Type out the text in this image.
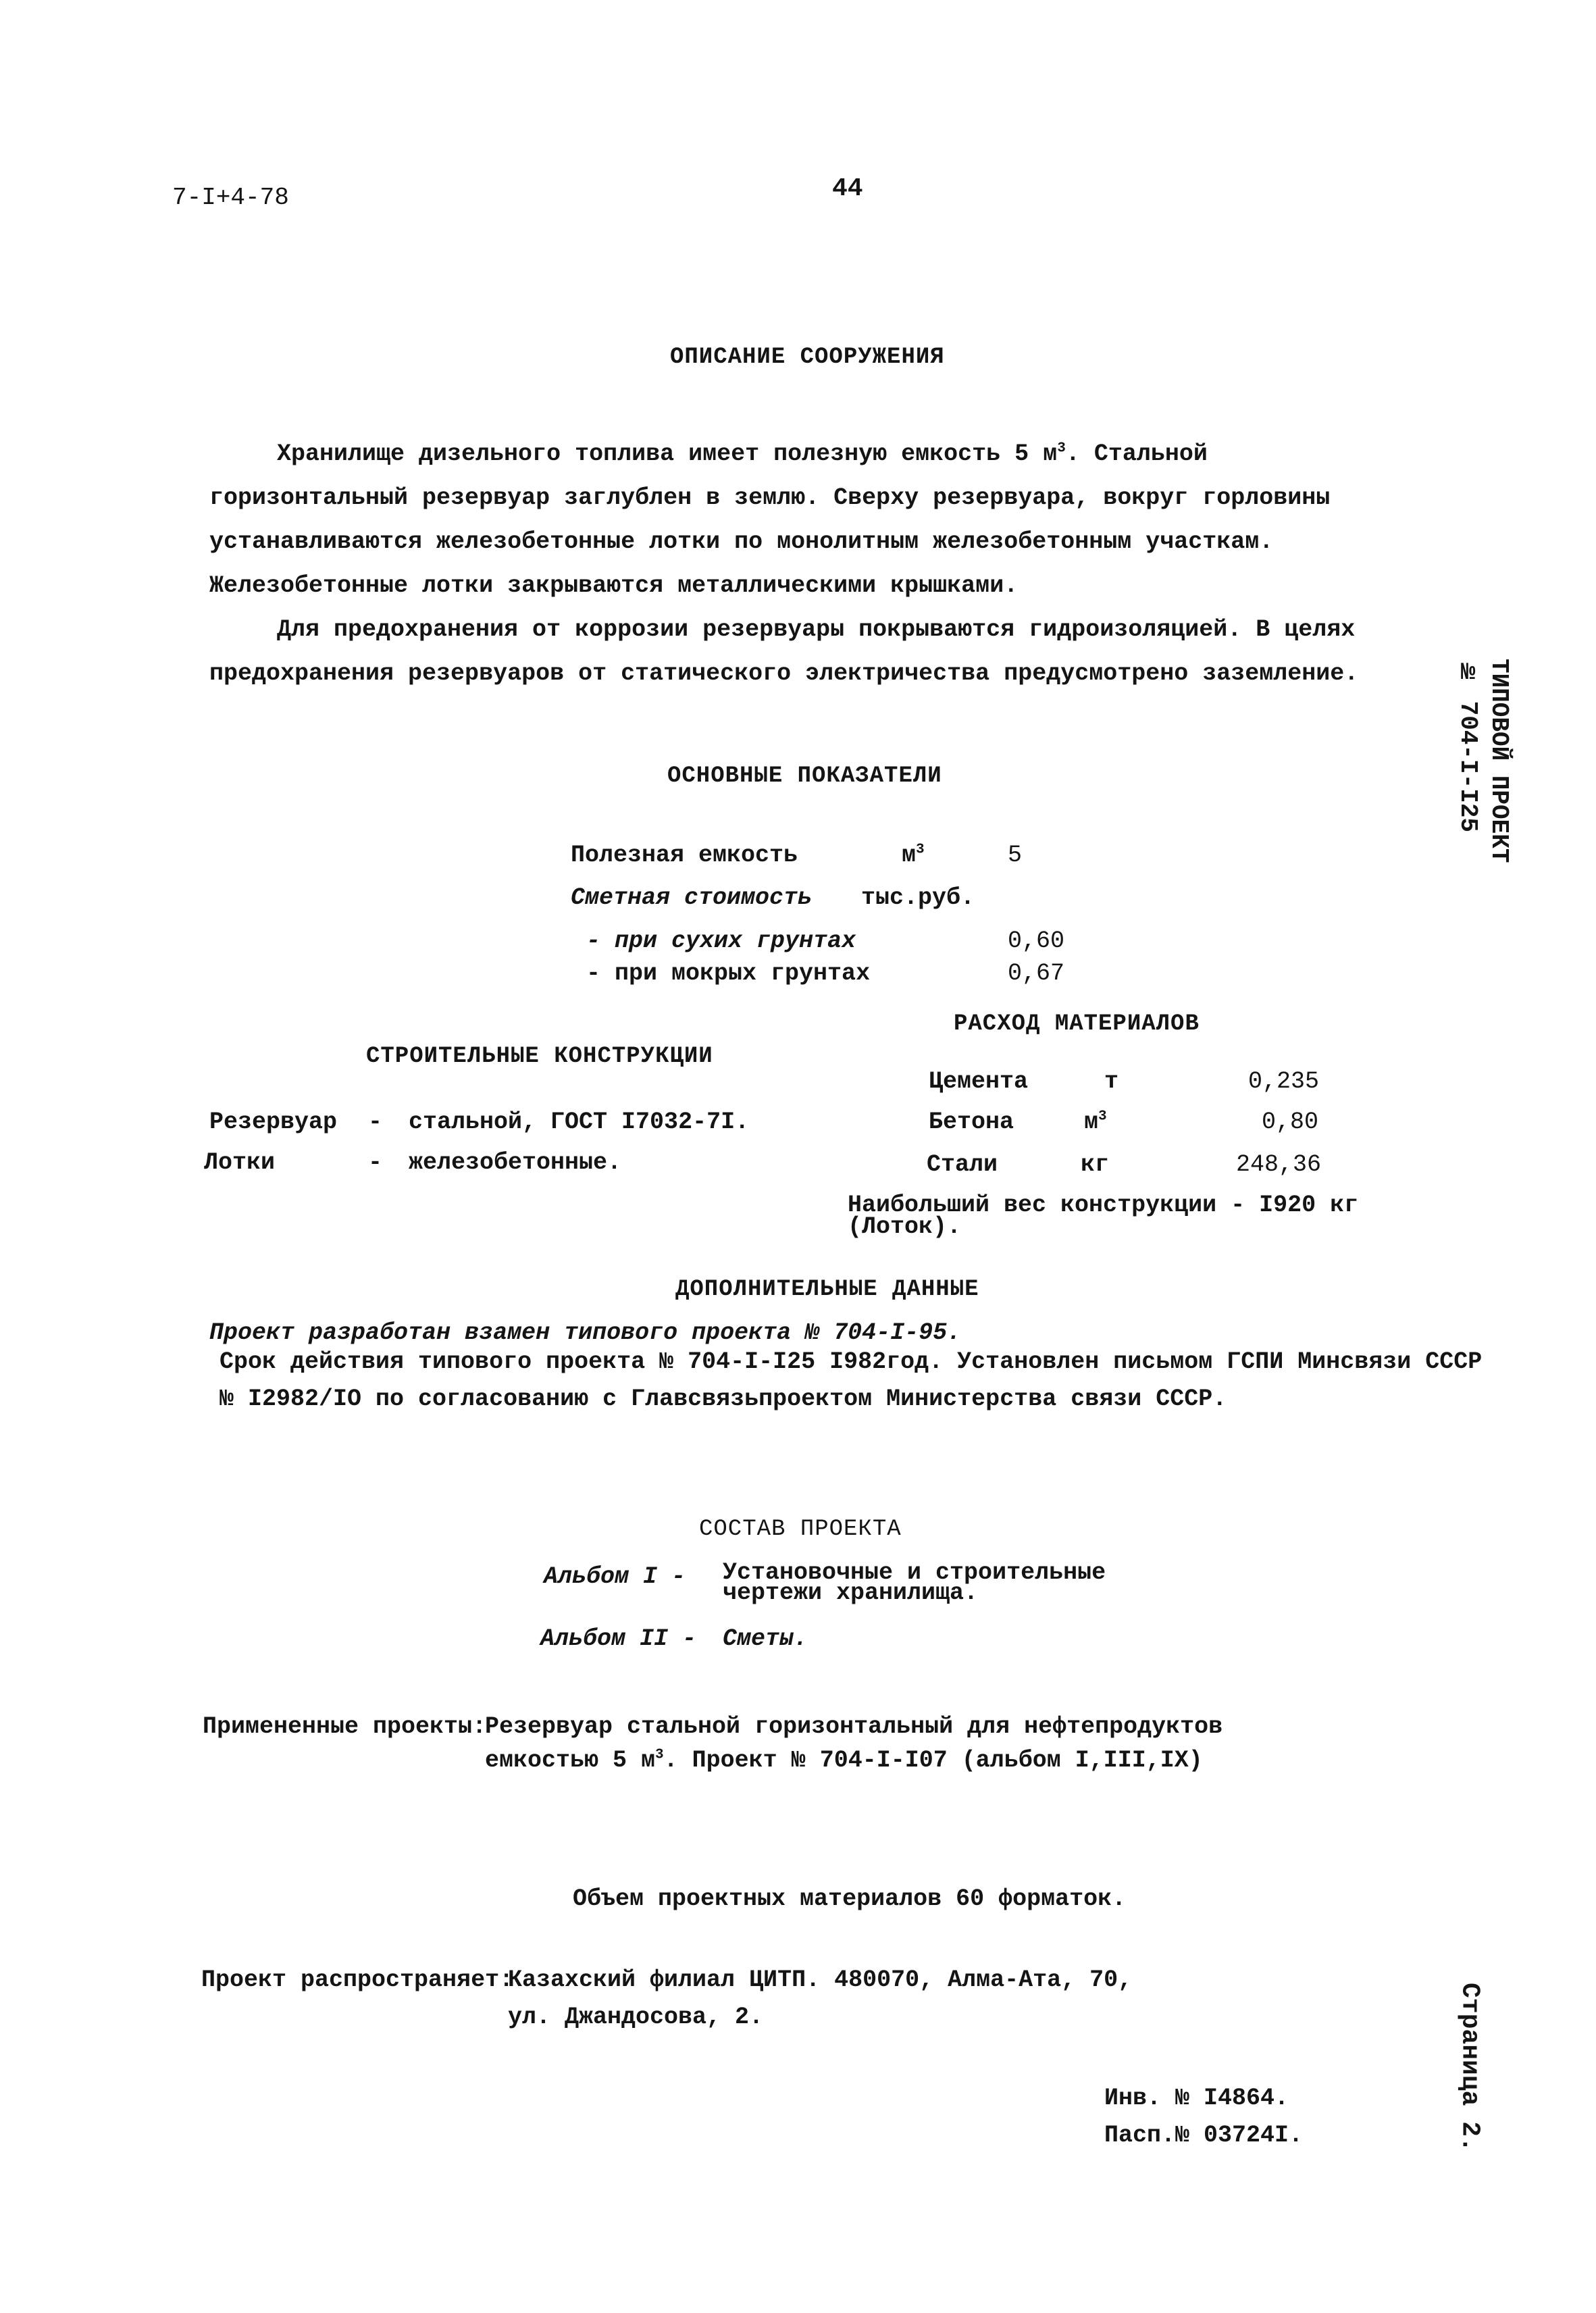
7-I+4-78	44
ТИПОВОЙ ПРОЕКТ
№ 704-I-I25
Страница 2.
ОПИСАНИЕ СООРУЖЕНИЯ
Хранилище дизельного топлива имеет полезную емкость 5 $м^3$. Стальной горизонтальный резервуар заглублен в землю. Сверху резервуара, вокруг горловины устанавливаются железобетонные лотки по монолитным железобетонным участкам. Железобетонные лотки закрываются металлическими крышками.
Для предохранения от коррозии резервуары покрываются гидроизоляцией. В целях предохранения резервуаров от статического электричества предусмотрено заземление.
ОСНОВНЫЕ ПОКАЗАТЕЛИ
Полезная емкость	$м^3$	5
Сметная стоимость тыс.руб.
- при сухих грунтах	0,60
- при мокрых грунтах	0,67
СТРОИТЕЛЬНЫЕ КОНСТРУКЦИИ
Резервуар - стальной, ГОСТ I7032-7I.
Лотки	- железобетонные.
РАСХОД МАТЕРИАЛОВ
Цемента	т	0,235
Бетона	$м^3$	0,80
Стали	кг	248,36
Наибольший вес конструкции - I920 кг
(Лоток).
ДОПОЛНИТЕЛЬНЫЕ ДАННЫЕ
Проект разработан взамен типового проекта № 704-I-95.
Срок действия типового проекта № 704-I-I25 I982год. Установлен письмом ГСПИ Минсвязи СССР
№ I2982/IO по согласованию с Главсвязьпроектом Министерства связи СССР.
СОСТАВ ПРОЕКТА
Альбом I - Установочные и строительные
чертежи хранилища.
Альбом II - Сметы.
Примененные проекты:
Резервуар стальной горизонтальный для нефтепродуктов
емкостью 5 $м^3$. Проект № 704-I-I07 (альбом I,III,IX)
Объем проектных материалов 60 форматок.
Проект распространяет:
Казахский филиал ЦИТП. 480070, Алма-Ата, 70,
ул. Джандосова, 2.
Инв. № I4864.
Пасп.№ 03724I.
